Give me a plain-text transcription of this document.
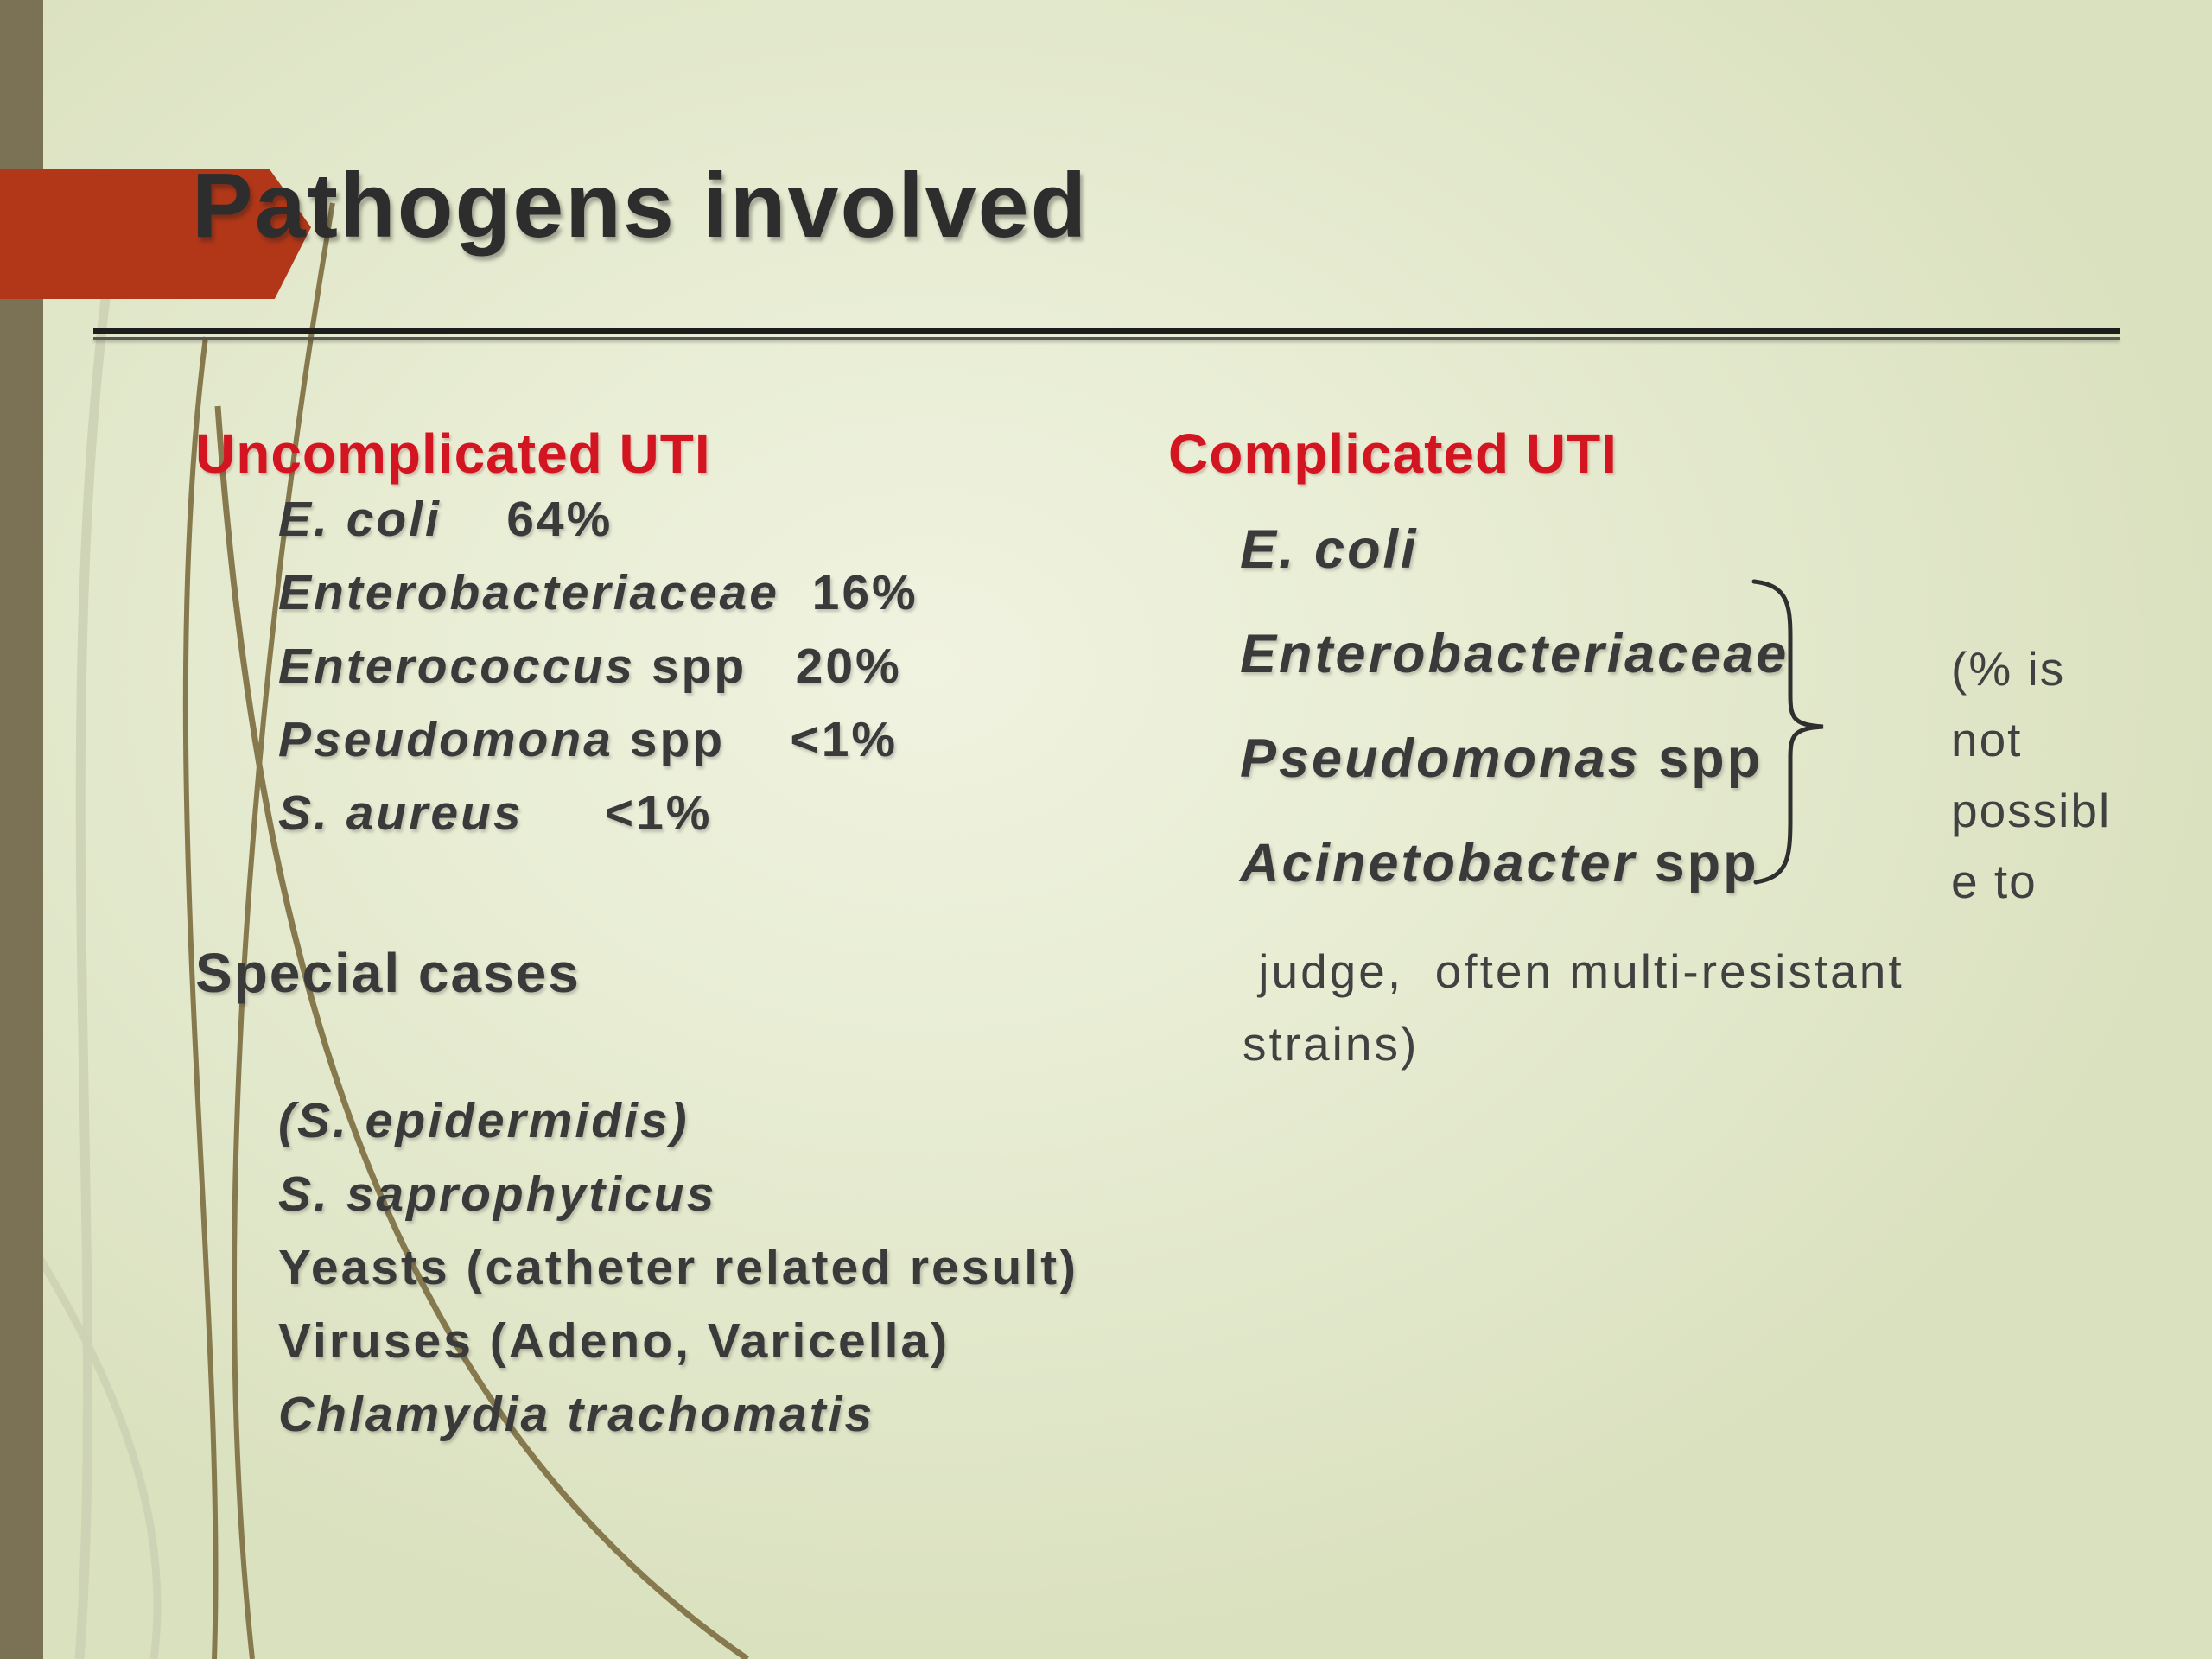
Pathogens involved
Uncomplicated UTI
E. coli    64%
Enterobacteriaceae  16%
Enterococcus spp   20%
Pseudomona spp    <1%
S. aureus     <1%
Special cases
(S. epidermidis)
S. saprophyticus
Yeasts (catheter related result)
Viruses (Adeno, Varicella)
Chlamydia trachomatis
Complicated UTI
E. coli
Enterobacteriaceae
Pseudomonas spp
Acinetobacter spp
(% is
not
possibl
e to
judge,  often multi-resistant
strains)
